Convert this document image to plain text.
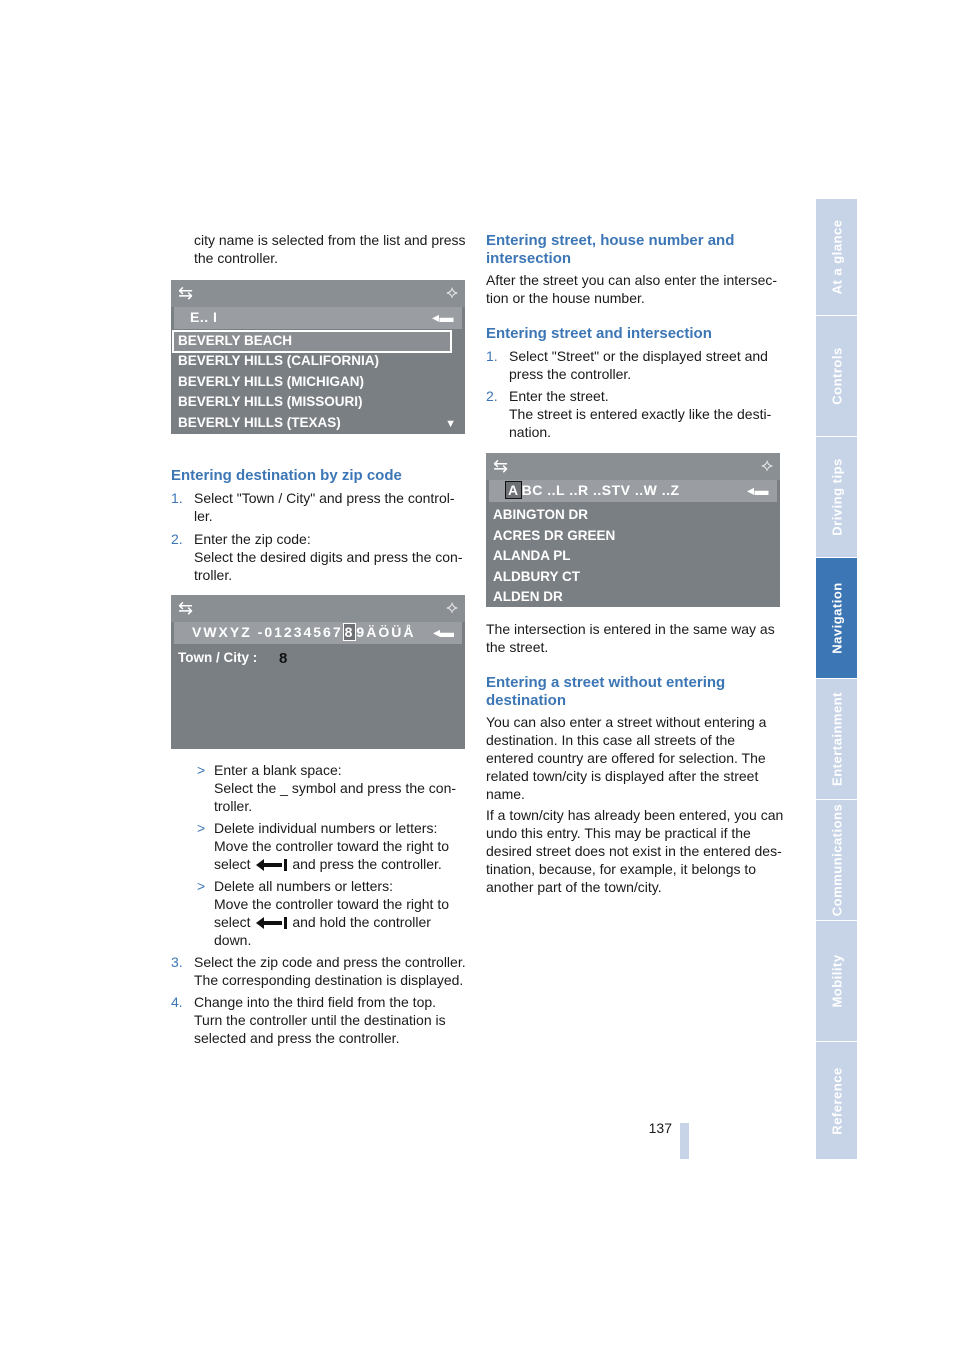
city name is selected from the list and press
the controller.
⇆	⟡
E.. I	◂▬
BEVERLY BEACH
BEVERLY HILLS (CALIFORNIA)
BEVERLY HILLS (MICHIGAN)
BEVERLY HILLS (MISSOURI)
BEVERLY HILLS (TEXAS)	▼
Entering destination by zip code
1. Select "Town / City" and press the control-
ler.
2. Enter the zip code:
Select the desired digits and press the con-
troller.
⇆	⟡
VWXYZ -01234567 8 9ÄÖÜÅ ◂▬
Town / City : 8
> Enter a blank space:
Select the _ symbol and press the con-
troller.
> Delete individual numbers or letters:
Move the controller toward the right to
select	and press the controller.
> Delete all numbers or letters:
Move the controller toward the right to
select	and hold the controller
down.
3. Select the zip code and press the controller.
The corresponding destination is displayed.
4. Change into the third field from the top.
Turn the controller until the destination is
selected and press the controller.
Entering street, house number and
intersection
After the street you can also enter the intersec-
tion or the house number.
Entering street and intersection
1. Select "Street" or the displayed street and
press the controller.
2. Enter the street.
The street is entered exactly like the desti-
nation.
⇆	⟡
A BC ..L ..R ..STV ..W ..Z	◂▬
ABINGTON DR
ACRES DR GREEN
ALANDA PL
ALDBURY CT
ALDEN DR
The intersection is entered in the same way as
the street.
Entering a street without entering
destination
You can also enter a street without entering a
destination. In this case all streets of the
entered country are offered for selection. The
related town/city is displayed after the street
name.
If a town/city has already been entered, you can
undo this entry. This may be practical if the
desired street does not exist in the entered des-
tination, because, for example, it belongs to
another part of the town/city.
At a glance
Controls
Driving tips
Navigation
Entertainment
Communications
Mobility
Reference
137
